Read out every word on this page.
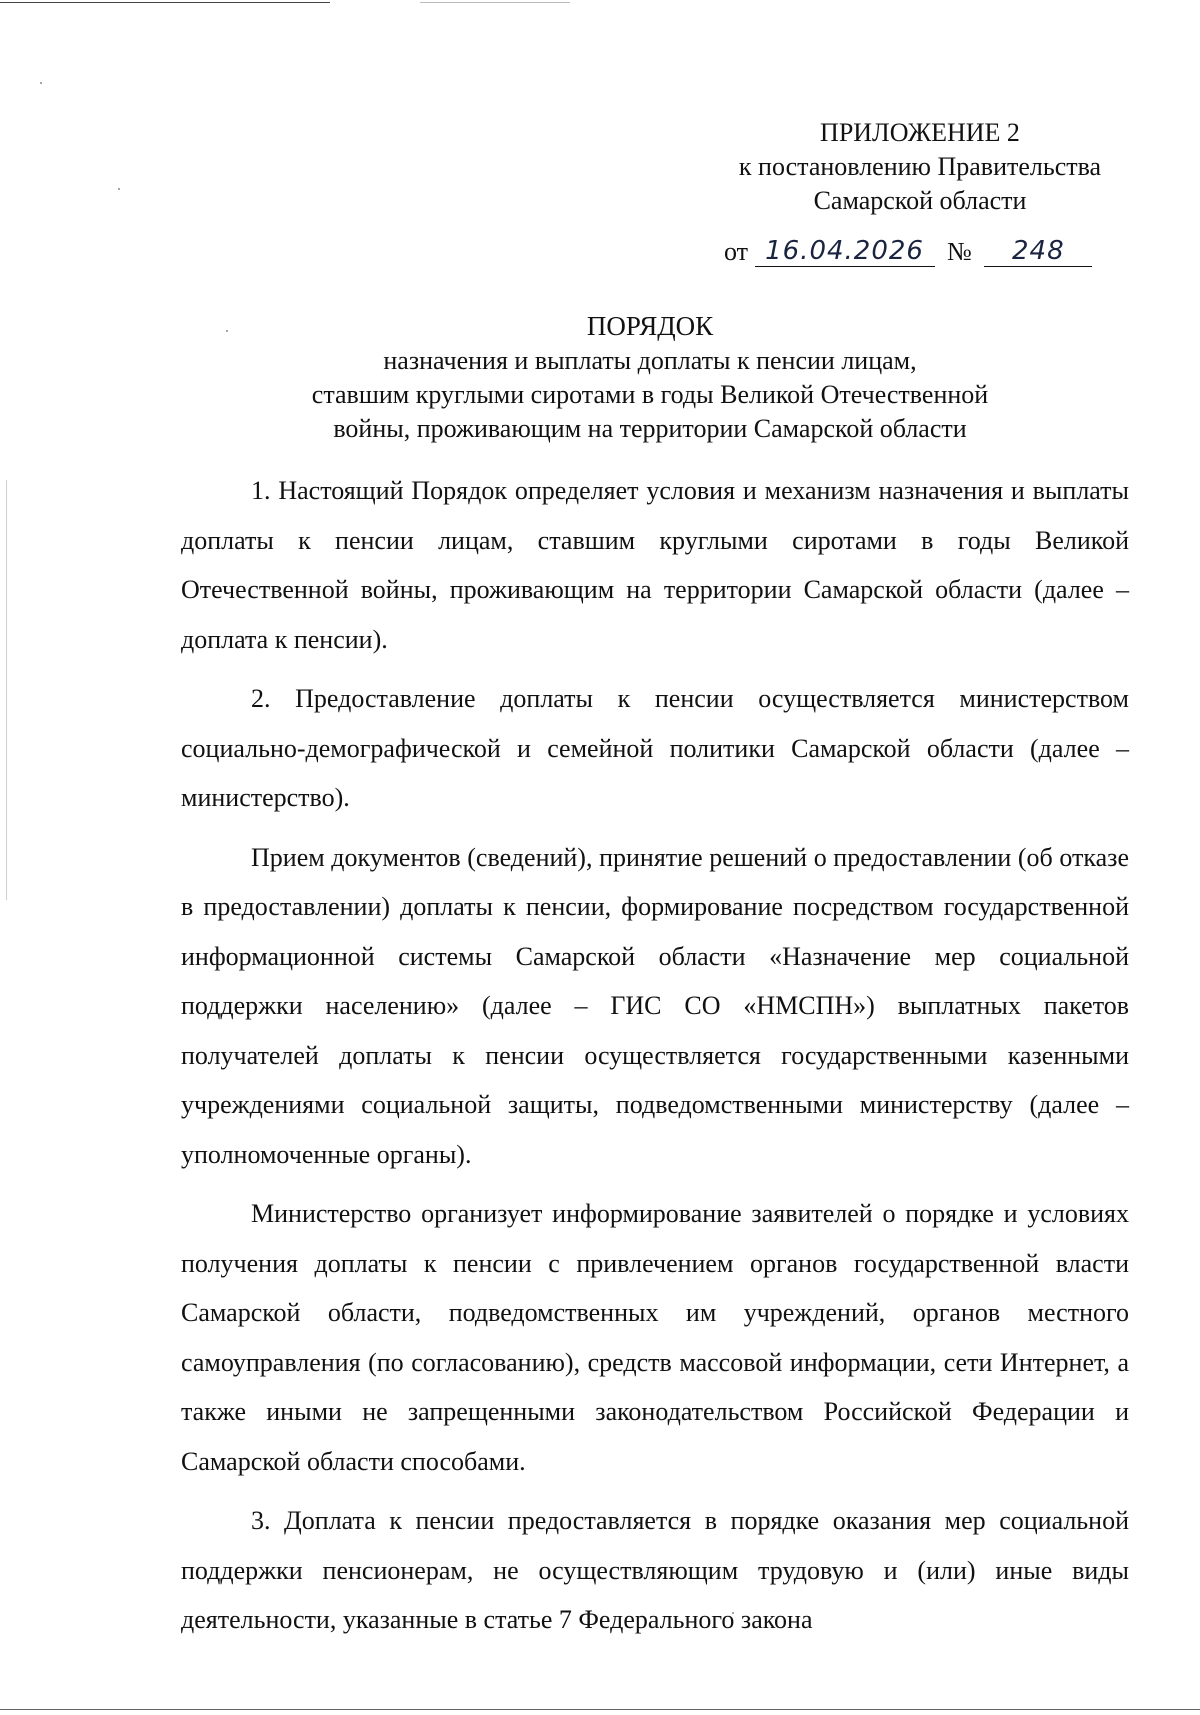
ПРИЛОЖЕНИЕ 2
к постановлению Правительства
Самарской области
от 16.04.2026 № 248
ПОРЯДОК
назначения и выплаты доплаты к пенсии лицам,
ставшим круглыми сиротами в годы Великой Отечественной
войны, проживающим на территории Самарской области

1. Настоящий Порядок определяет условия и механизм назначения и выплаты доплаты к пенсии лицам, ставшим круглыми сиротами в годы Великой Отечественной войны, проживающим на территории Самарской области (далее – доплата к пенсии).

2. Предоставление доплаты к пенсии осуществляется министерством социально-демографической и семейной политики Самарской области (далее – министерство).

Прием документов (сведений), принятие решений о предоставлении (об отказе в предоставлении) доплаты к пенсии, формирование посредством государственной информационной системы Самарской области «Назначение мер социальной поддержки населению» (далее – ГИС СО «НМСПН») выплатных пакетов получателей доплаты к пенсии осуществляется государственными казенными учреждениями социальной защиты, подведомственными министерству (далее – уполномоченные органы).

Министерство организует информирование заявителей о порядке и условиях получения доплаты к пенсии с привлечением органов государственной власти Самарской области, подведомственных им учреждений, органов местного самоуправления (по согласованию), средств массовой информации, сети Интернет, а также иными не запрещенными законодательством Российской Федерации и Самарской области способами.

3. Доплата к пенсии предоставляется в порядке оказания мер социальной поддержки пенсионерам, не осуществляющим трудовую и (или) иные виды деятельности, указанные в статье 7 Федерального закона
